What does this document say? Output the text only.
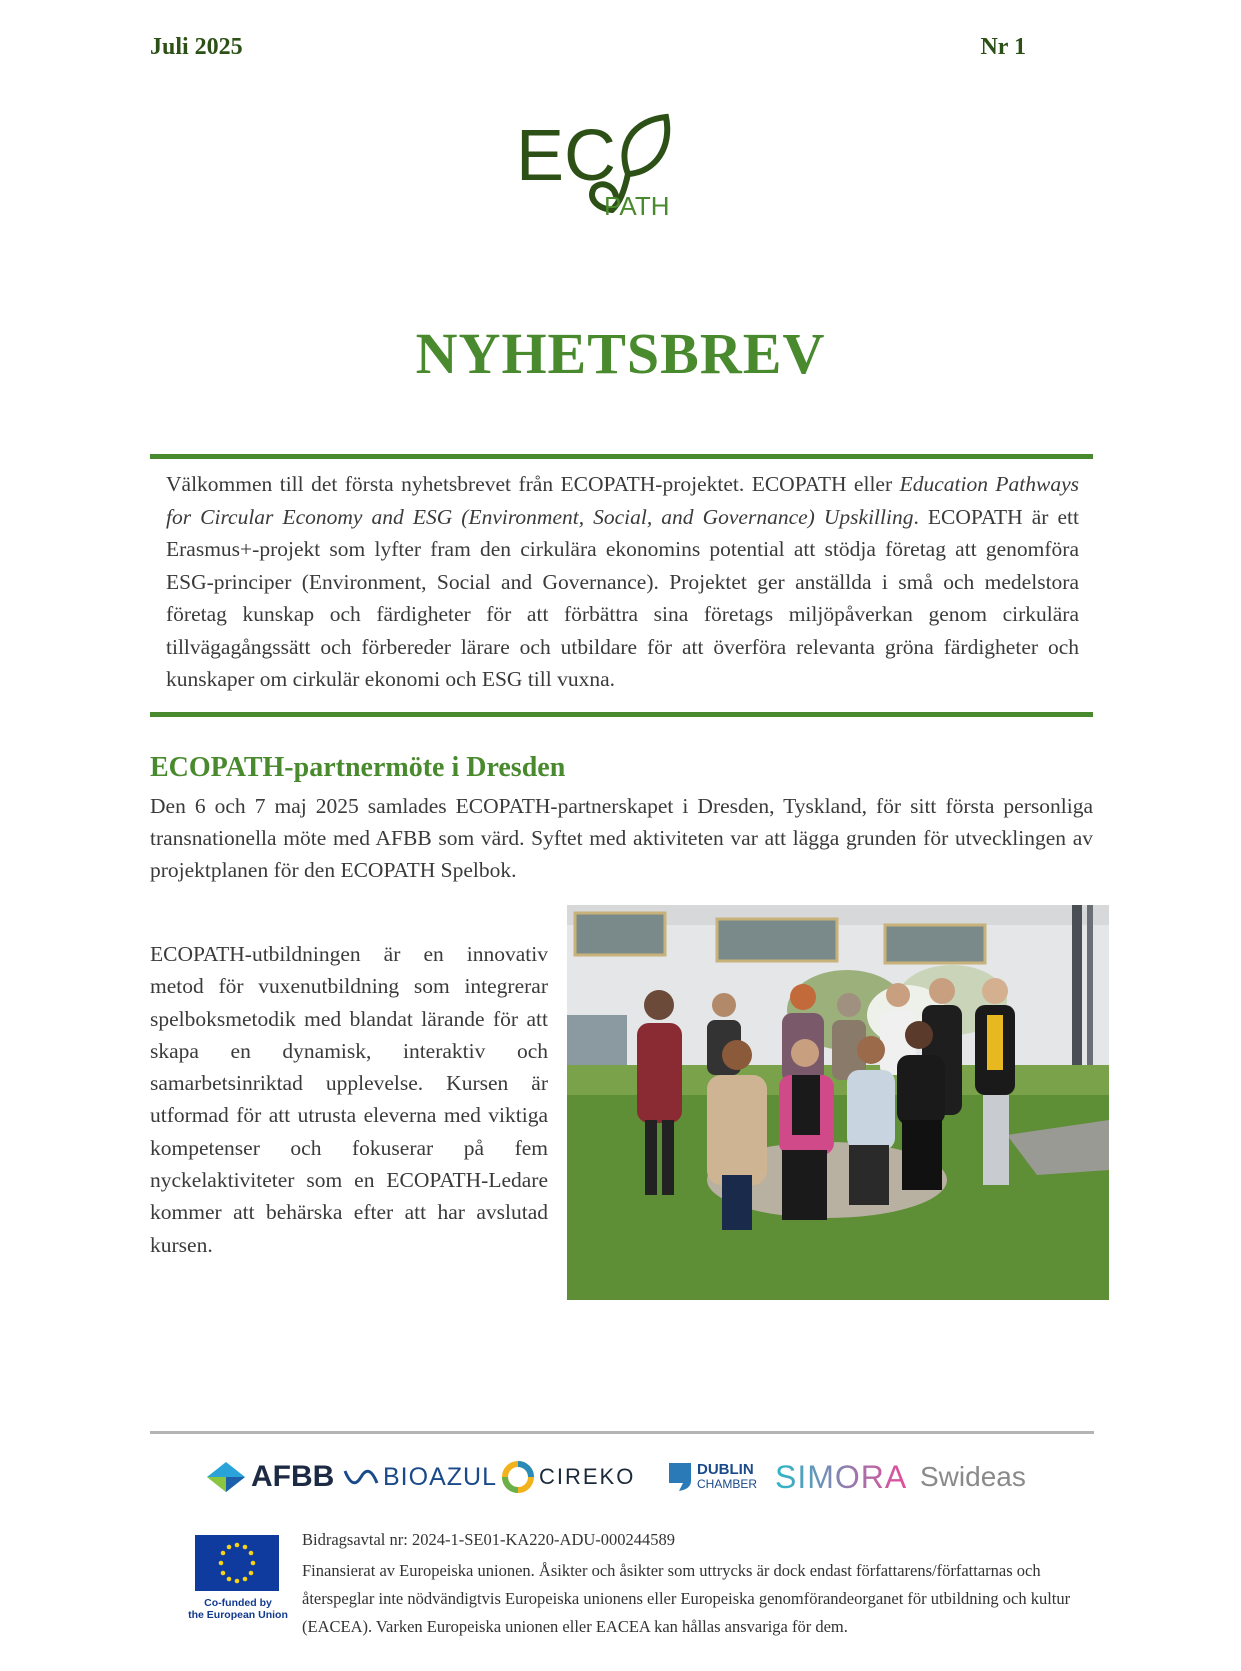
Juli 2025	Nr 1
EC
PATH
NYHETSBREV
Välkommen till det första nyhetsbrevet från ECOPATH-projektet. ECOPATH eller Education Pathways for Circular Economy and ESG (Environment, Social, and Governance) Upskilling. ECOPATH är ett Erasmus+-projekt som lyfter fram den cirkulära ekonomins potential att stödja företag att genomföra ESG-principer (Environment, Social and Governance). Projektet ger anställda i små och medelstora företag kunskap och färdigheter för att förbättra sina företags miljöpåverkan genom cirkulära tillvägagångssätt och förbereder lärare och utbildare för att överföra relevanta gröna färdigheter och kunskaper om cirkulär ekonomi och ESG till vuxna.
ECOPATH-partnermöte i Dresden
Den 6 och 7 maj 2025 samlades ECOPATH-partnerskapet i Dresden, Tyskland, för sitt första personliga transnationella möte med AFBB som värd. Syftet med aktiviteten var att lägga grunden för utvecklingen av projektplanen för den ECOPATH Spelbok.
ECOPATH-utbildningen är en innovativ metod för vuxenutbildning som integrerar spelboksmetodik med blandat lärande för att skapa en dynamisk, interaktiv och samarbetsinriktad upplevelse. Kursen är utformad för att utrusta eleverna med viktiga kompetenser och fokuserar på fem nyckelaktiviteter som en ECOPATH-Ledare kommer att behärska efter att har avslutad kursen.
AFBB BIOAZUL CIREKO	DUBLIN
CHAMBER SIMORA Swideas
Co-funded by
the European Union
Bidragsavtal nr: 2024-1-SE01-KA220-ADU-000244589
Finansierat av Europeiska unionen. Åsikter och åsikter som uttrycks är dock endast författarens/författarnas och återspeglar inte nödvändigtvis Europeiska unionens eller Europeiska genomförandeorganet för utbildning och kultur (EACEA). Varken Europeiska unionen eller EACEA kan hållas ansvariga för dem.
